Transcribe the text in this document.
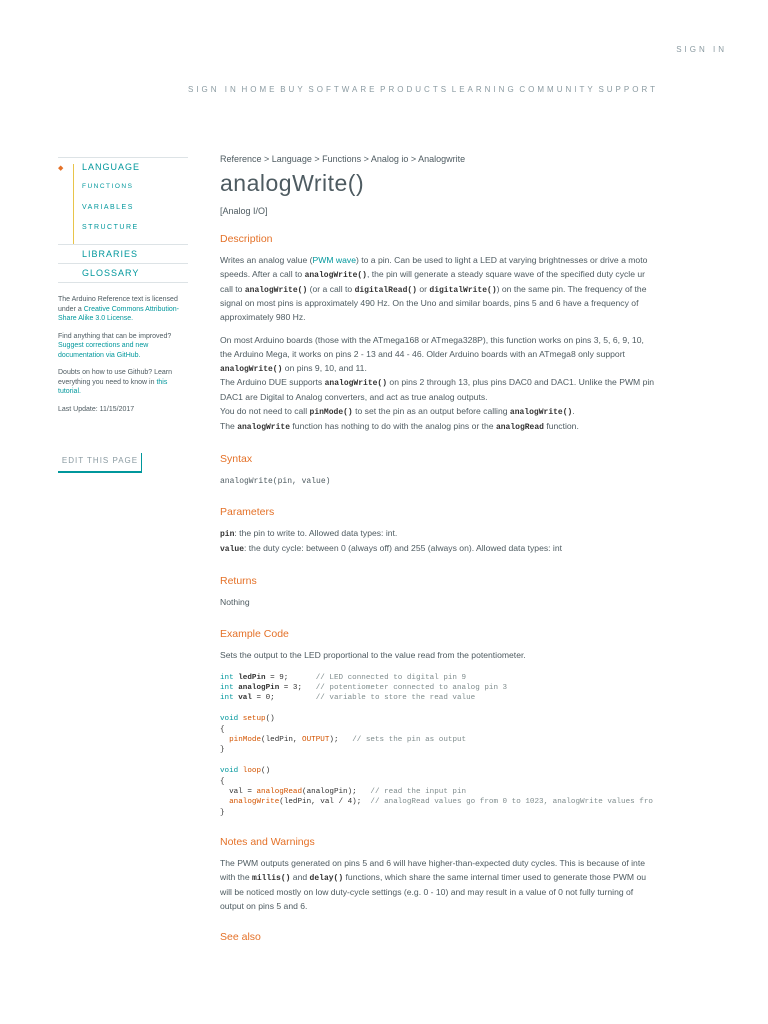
SIGN IN
SIGN IN HOME BUY SOFTWARE PRODUCTS LEARNING COMMUNITY SUPPORT
◆ LANGUAGE
FUNCTIONS
VARIABLES
STRUCTURE
LIBRARIES
GLOSSARY
The Arduino Reference text is licensed under a Creative Commons Attribution-Share Alike 3.0 License.
Find anything that can be improved? Suggest corrections and new documentation via GitHub.
Doubts on how to use Github? Learn everything you need to know in this tutorial.
Last Update: 11/15/2017
EDIT THIS PAGE
Reference > Language > Functions > Analog io > Analogwrite
analogWrite()
[Analog I/O]
Description
Writes an analog value (PWM wave) to a pin. Can be used to light a LED at varying brightnesses or drive a moto
speeds. After a call to analogWrite(), the pin will generate a steady square wave of the specified duty cycle ur
call to analogWrite() (or a call to digitalRead() or digitalWrite()) on the same pin. The frequency of the
signal on most pins is approximately 490 Hz. On the Uno and similar boards, pins 5 and 6 have a frequency of
approximately 980 Hz.
On most Arduino boards (those with the ATmega168 or ATmega328P), this function works on pins 3, 5, 6, 9, 10,
the Arduino Mega, it works on pins 2 - 13 and 44 - 46. Older Arduino boards with an ATmega8 only support
analogWrite() on pins 9, 10, and 11.
The Arduino DUE supports analogWrite() on pins 2 through 13, plus pins DAC0 and DAC1. Unlike the PWM pin
DAC1 are Digital to Analog converters, and act as true analog outputs.
You do not need to call pinMode() to set the pin as an output before calling analogWrite().
The analogWrite function has nothing to do with the analog pins or the analogRead function.
Syntax
analogWrite(pin, value)
Parameters
pin: the pin to write to. Allowed data types: int.
value: the duty cycle: between 0 (always off) and 255 (always on). Allowed data types: int
Returns
Nothing
Example Code
Sets the output to the LED proportional to the value read from the potentiometer.
int ledPin = 9;      // LED connected to digital pin 9
int analogPin = 3;   // potentiometer connected to analog pin 3
int val = 0;         // variable to store the read value

void setup()
{
pinMode(ledPin, OUTPUT);   // sets the pin as output
}

void loop()
{
val = analogRead(analogPin);   // read the input pin
analogWrite(ledPin, val / 4);  // analogRead values go from 0 to 1023, analogWrite values fro
}
Notes and Warnings
The PWM outputs generated on pins 5 and 6 will have higher-than-expected duty cycles. This is because of inte
with the millis() and delay() functions, which share the same internal timer used to generate those PWM ou
will be noticed mostly on low duty-cycle settings (e.g. 0 - 10) and may result in a value of 0 not fully turning of
output on pins 5 and 6.
See also
